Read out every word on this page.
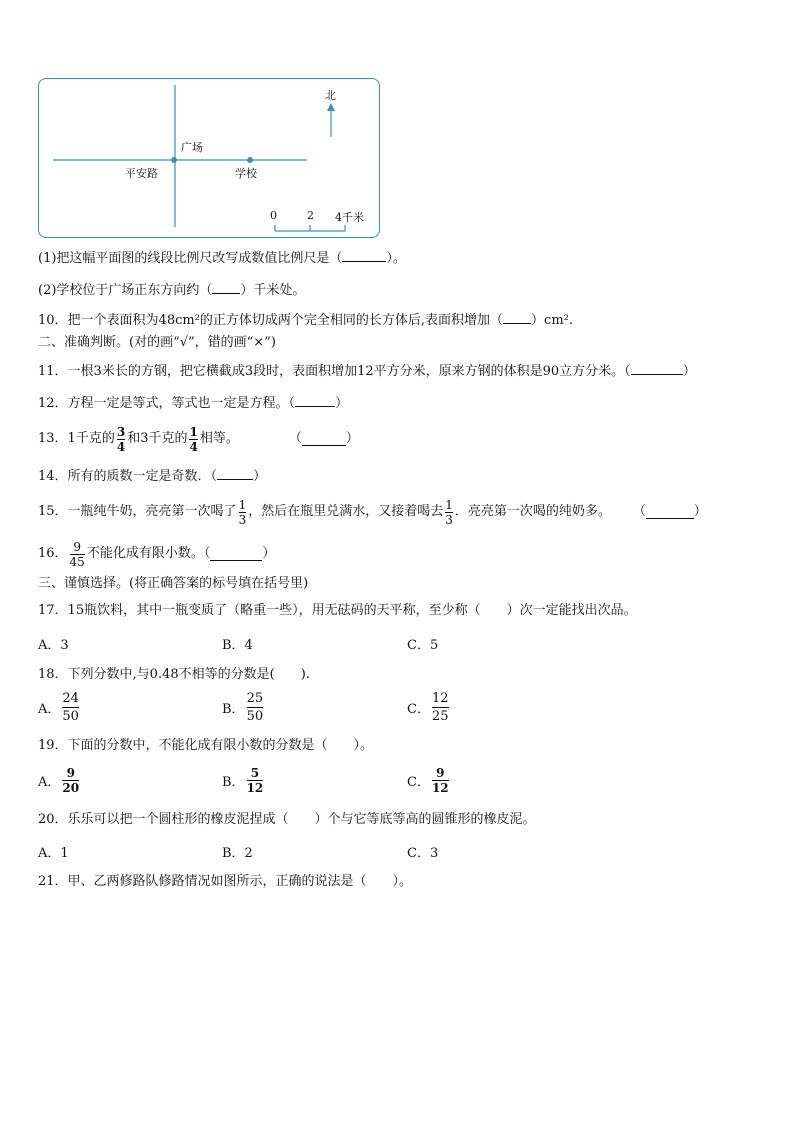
北
广场
平安路	学校
0	2 4千米
(1)把这幅平面图的线段比例尺改写成数值比例尺是（	）。
(2)学校位于广场正东方向约（ ）千米处。
10．把一个表面积为48cm²的正方体切成两个完全相同的长方体后,表面积增加（ ）cm².
二、准确判断。(对的画“√”，错的画“×”)
11．一根3米长的方钢，把它横截成3段时，表面积增加12平方分米，原来方钢的体积是90立方分米。（	）
12．方程一定是等式，等式也一定是方程。（	）
13． 1千克的 $\frac{3}{4}$ 和3千克的 $\frac{1}{4}$ 相等。	（	）
14．所有的质数一定是奇数．（	）
15． 一瓶纯牛奶，亮亮第一次喝了 $\frac{1}{3}$ ，然后在瓶里兑满水，又接着喝去 $\frac{1}{3}$ ．亮亮第一次喝的纯奶多。 （	）
16． $\frac{9}{45}$ 不能化成有限小数。（	）
三、谨慎选择。(将正确答案的标号填在括号里)
17．15瓶饮料，其中一瓶变质了（略重一些），用无砝码的天平称，至少称（　　）次一定能找出次品。
A．3	B．4	C．5
18．下列分数中,与0.48不相等的分数是(　　).
A． $\frac{24}{50}$	B． $\frac{25}{50}$	C． $\frac{12}{25}$
19．下面的分数中，不能化成有限小数的分数是（　　）。
A． $\frac{9}{20}$	B． $\frac{5}{12}$	C． $\frac{9}{12}$
20．乐乐可以把一个圆柱形的橡皮泥捏成（　　）个与它等底等高的圆锥形的橡皮泥。
A．1	B．2	C．3
21．甲、乙两修路队修路情况如图所示，正确的说法是（　　）。
